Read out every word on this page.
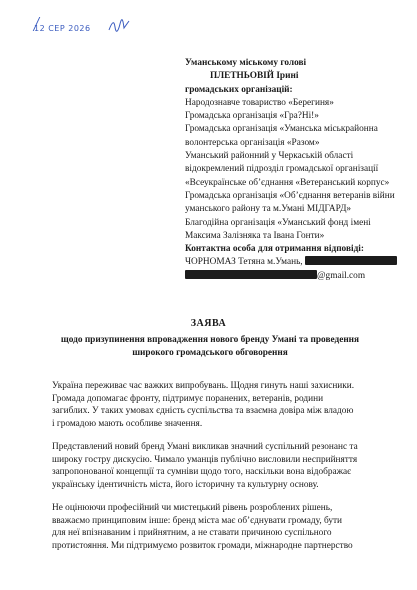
12 СЕР 2026
Уманському міському голові
ПЛЕТНЬОВІЙ Ірині
громадських організацій:
Народознавче товариство «Берегиня»
Громадська організація «Гра?Ні!»
Громадська організація «Уманська міськрайонна
волонтерська організація «Разом»
Уманський районний у Черкаській області
відокремлений підрозділ громадської організації
«Всеукраїнське об’єднання «Ветеранський корпус»
Громадська організація «Об’єднання ветеранів війни
уманського району та м.Умані МІДГАРД»
Благодійна організація «Уманський фонд імені
Максима Залізняка та Івана Гонти»
Контактна особа для отримання відповіді:
ЧОРНОМАЗ Тетяна м.Умань,
@gmail.com
ЗАЯВА
щодо призупинення впровадження нового бренду Умані та проведення
широкого громадського обговорення
Україна переживає час важких випробувань. Щодня гинуть наші захисники.
Громада допомагає фронту, підтримує поранених, ветеранів, родини
загиблих. У таких умовах єдність суспільства та взаємна довіра між владою
і громадою мають особливе значення.
Представлений новий бренд Умані викликав значний суспільний резонанс та
широку гостру дискусію. Чимало уманців публічно висловили несприйняття
запропонованої концепції та сумніви щодо того, наскільки вона відображає
українську ідентичність міста, його історичну та культурну основу.
Не оцінюючи професійний чи мистецький рівень розроблених рішень,
вважаємо принциповим інше: бренд міста має об’єднувати громаду, бути
для неї впізнаваним і прийнятним, а не ставати причиною суспільного
протистояння. Ми підтримуємо розвиток громади, міжнародне партнерство
